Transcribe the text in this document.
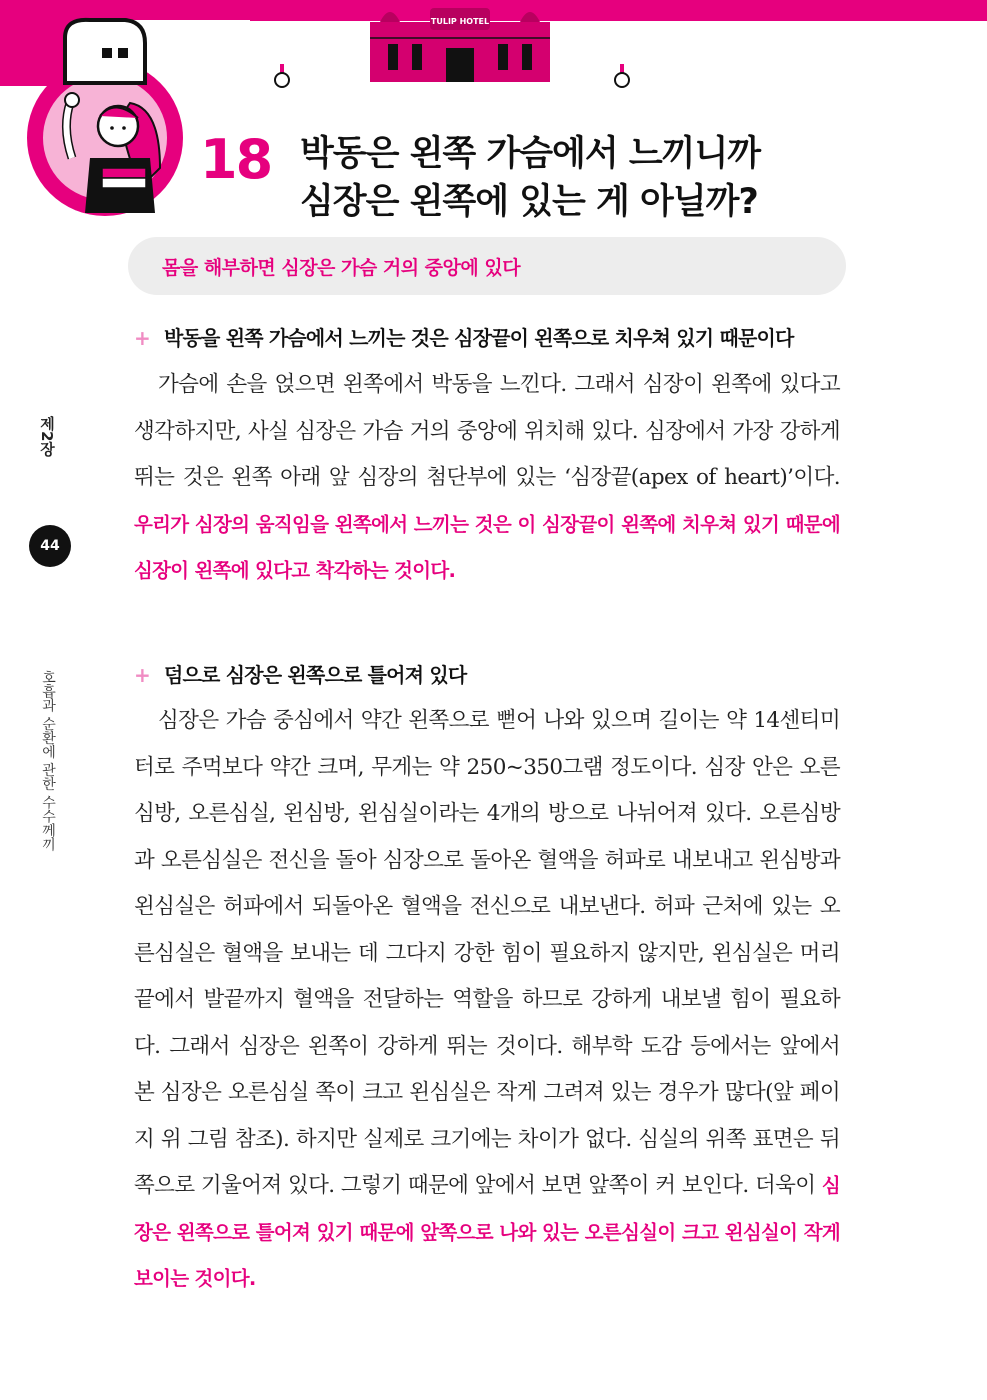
TULIP HOTEL
18 박동은 왼쪽 가슴에서 느끼니까
심장은 왼쪽에 있는 게 아닐까?
몸을 해부하면 심장은 가슴 거의 중앙에 있다
제2장
44
호흡과 순환에 관한 수수께끼
+ 박동을 왼쪽 가슴에서 느끼는 것은 심장끝이 왼쪽으로 치우쳐 있기 때문이다

가슴에 손을 얹으면 왼쪽에서 박동을 느낀다. 그래서 심장이 왼쪽에 있다고 생각하지만, 사실 심장은 가슴 거의 중앙에 위치해 있다. 심장에서 가장 강하게 뛰는 것은 왼쪽 아래 앞 심장의 첨단부에 있는 ‘심장끝(apex of heart)’이다. 우리가 심장의 움직임을 왼쪽에서 느끼는 것은 이 심장끝이 왼쪽에 치우쳐 있기 때문에 심장이 왼쪽에 있다고 착각하는 것이다.

+ 덤으로 심장은 왼쪽으로 틀어져 있다

심장은 가슴 중심에서 약간 왼쪽으로 뻗어 나와 있으며 길이는 약 14센티미터로 주먹보다 약간 크며, 무게는 약 250~350그램 정도이다. 심장 안은 오른심방, 오른심실, 왼심방, 왼심실이라는 4개의 방으로 나뉘어져 있다. 오른심방과 오른심실은 전신을 돌아 심장으로 돌아온 혈액을 허파로 내보내고 왼심방과 왼심실은 허파에서 되돌아온 혈액을 전신으로 내보낸다. 허파 근처에 있는 오른심실은 혈액을 보내는 데 그다지 강한 힘이 필요하지 않지만, 왼심실은 머리끝에서 발끝까지 혈액을 전달하는 역할을 하므로 강하게 내보낼 힘이 필요하다. 그래서 심장은 왼쪽이 강하게 뛰는 것이다. 해부학 도감 등에서는 앞에서 본 심장은 오른심실 쪽이 크고 왼심실은 작게 그려져 있는 경우가 많다(앞 페이지 위 그림 참조). 하지만 실제로 크기에는 차이가 없다. 심실의 위쪽 표면은 뒤쪽으로 기울어져 있다. 그렇기 때문에 앞에서 보면 앞쪽이 커 보인다. 더욱이 심장은 왼쪽으로 틀어져 있기 때문에 앞쪽으로 나와 있는 오른심실이 크고 왼심실이 작게 보이는 것이다.
